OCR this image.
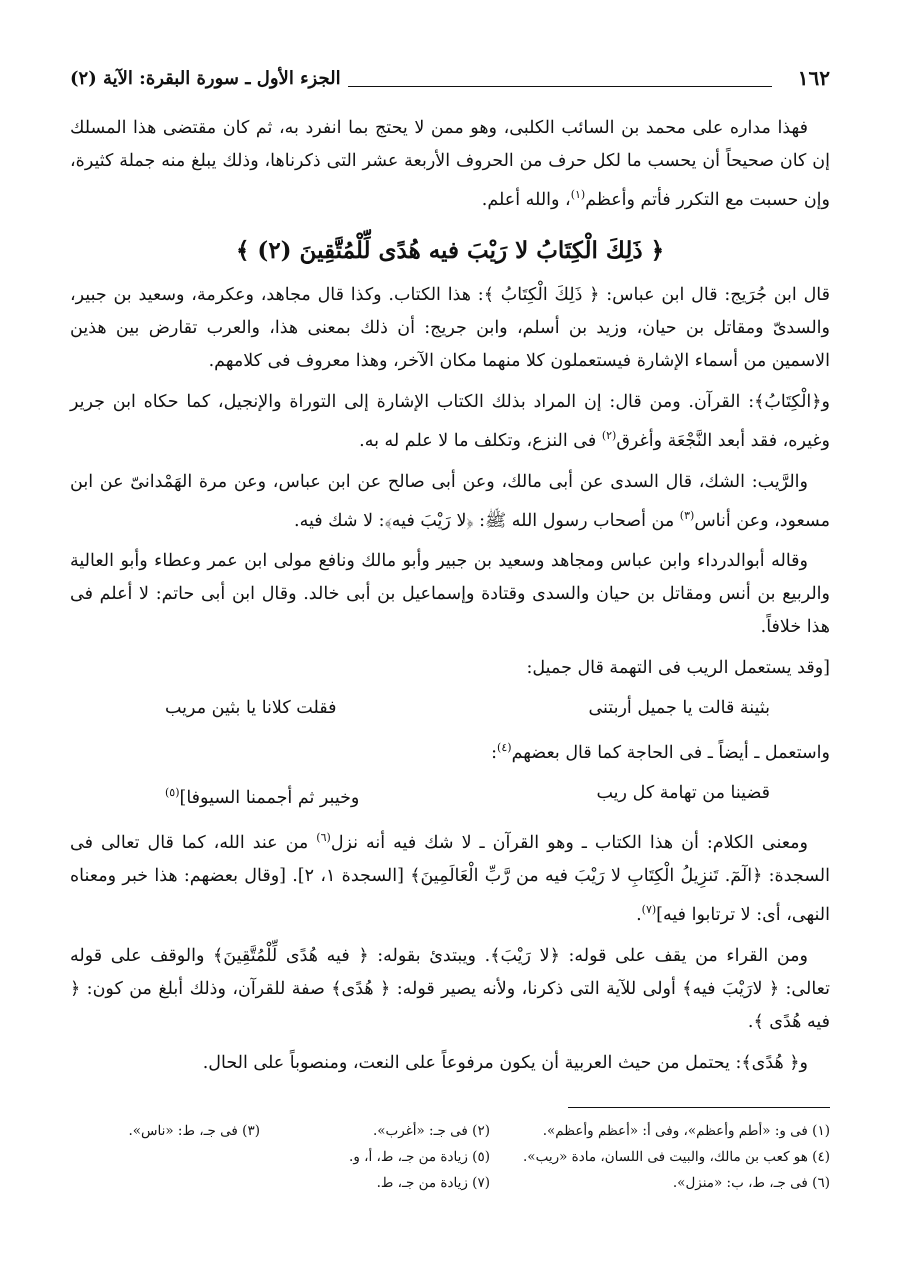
١٦٢
الجزء الأول ـ سورة البقرة: الآية (٢)

فهذا مداره على محمد بن السائب الكلبى، وهو ممن لا يحتج بما انفرد به، ثم كان مقتضى هذا المسلك إن كان صحيحاً أن يحسب ما لكل حرف من الحروف الأربعة عشر التى ذكرناها، وذلك يبلغ منه جملة كثيرة، وإن حسبت مع التكرر فأتم وأعظم$^{(١)}$، والله أعلم.

﴿ ذَلِكَ الْكِتَابُ لا رَيْبَ فيه هُدًى لِّلْمُتَّقِينَ (٢) ﴾

قال ابن جُرَيج: قال ابن عباس: ﴿ ذَلِكَ الْكِتَابُ ﴾: هذا الكتاب. وكذا قال مجاهد، وعكرمة، وسعيد بن جبير، والسدىّ ومقاتل بن حيان، وزيد بن أسلم، وابن جريج: أن ذلك بمعنى هذا، والعرب تقارض بين هذين الاسمين من أسماء الإشارة فيستعملون كلا منهما مكان الآخر، وهذا معروف فى كلامهم.

و﴿الْكِتَابُ﴾: القرآن. ومن قال: إن المراد بذلك الكتاب الإشارة إلى التوراة والإنجيل، كما حكاه ابن جرير وغيره، فقد أبعد النَّجْعَة وأغرق$^{(٢)}$ فى النزع، وتكلف ما لا علم له به.

والرَّيب: الشك، قال السدى عن أبى مالك، وعن أبى صالح عن ابن عباس، وعن مرة الهَمْدانىّ عن ابن مسعود، وعن أناس$^{(٣)}$ من أصحاب رسول الله ﷺ: ﴿لا رَيْبَ فيه﴾: لا شك فيه.

وقاله أبوالدرداء وابن عباس ومجاهد وسعيد بن جبير وأبو مالك ونافع مولى ابن عمر وعطاء وأبو العالية والربيع بن أنس ومقاتل بن حيان والسدى وقتادة وإسماعيل بن أبى خالد. وقال ابن أبى حاتم: لا أعلم فى هذا خلافاً.

[وقد يستعمل الريب فى التهمة قال جميل:

بثينة قالت يا جميل أربتنى
فقلت كلانا يا بثين مريب

واستعمل ـ أيضاً ـ فى الحاجة كما قال بعضهم$^{(٤)}$:

قضينا من تهامة كل ريب
وخيبر ثم أجممنا السيوفا]$^{(٥)}$

ومعنى الكلام: أن هذا الكتاب ـ وهو القرآن ـ لا شك فيه أنه نزل$^{(٦)}$ من عند الله، كما قال تعالى فى السجدة: ﴿الٓمٓ. تَنزِيلُ الْكِتَابِ لا رَيْبَ فيه من رَّبِّ الْعَالَمِينَ﴾ [السجدة ١، ٢]. [وقال بعضهم: هذا خبر ومعناه النهى، أى: لا ترتابوا فيه]$^{(٧)}$.

ومن القراء من يقف على قوله: ﴿لا رَيْبَ﴾. ويبتدئ بقوله: ﴿ فيه هُدًى لِّلْمُتَّقِينَ﴾ والوقف على قوله تعالى: ﴿ لارَيْبَ فيه﴾ أولى للآية التى ذكرنا، ولأنه يصير قوله: ﴿ هُدًى﴾ صفة للقرآن، وذلك أبلغ من كون: ﴿ فيه هُدًى ﴾.

و﴿ هُدًى﴾: يحتمل من حيث العربية أن يكون مرفوعاً على النعت، ومنصوباً على الحال.

(١) فى و: «أطم وأعظم»، وفى أ: «أعظم وأعظم».
(٢) فى جـ: «أغرب».
(٣) فى جـ، ط: «ناس».
(٤) هو كعب بن مالك، والبيت فى اللسان، مادة «ريب».
(٥) زيادة من جـ، ط، أ، و.
(٦) فى جـ، ط، ب: «منزل».
(٧) زيادة من جـ، ط.
